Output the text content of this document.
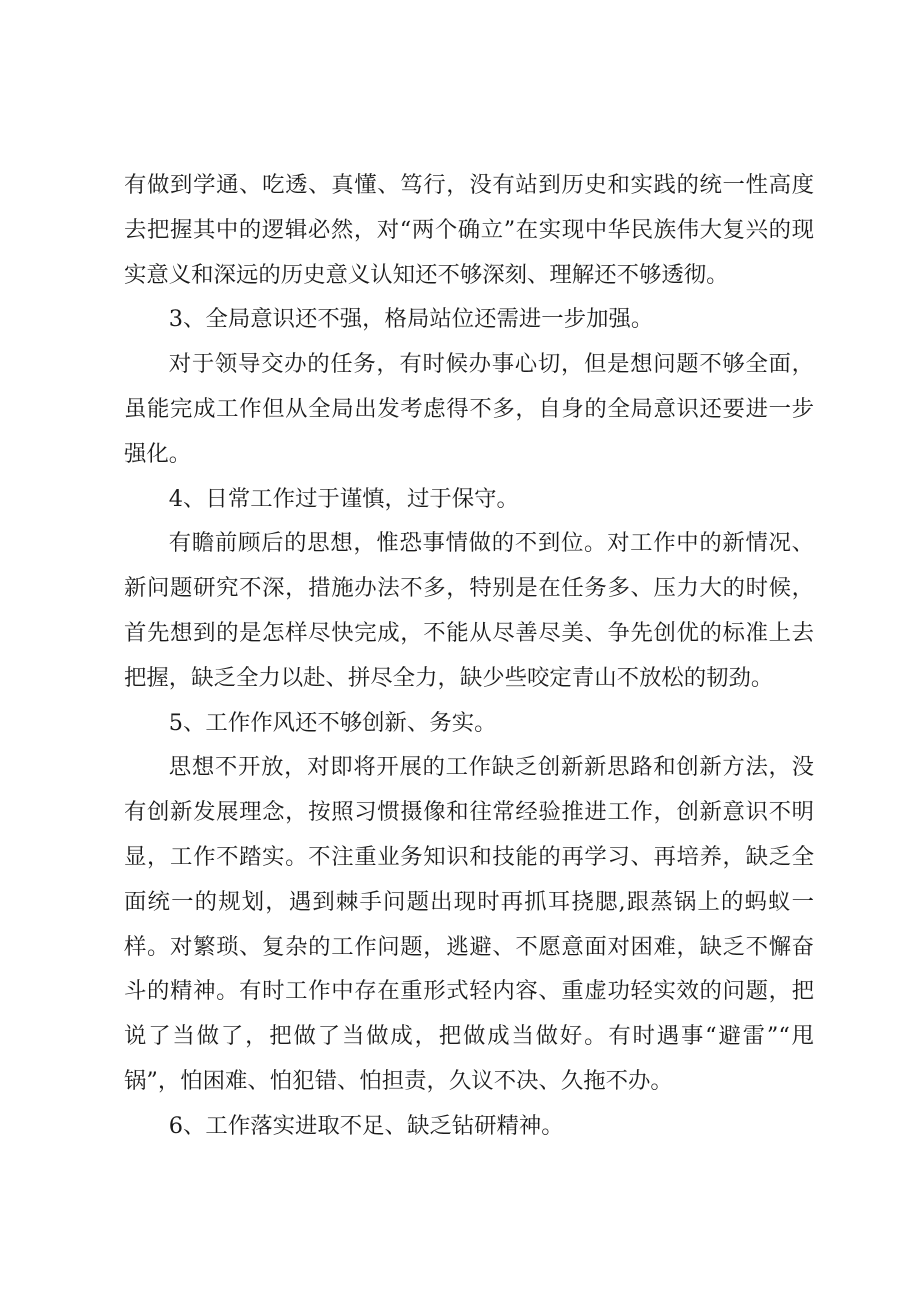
有做到学通、吃透、真懂、笃行，没有站到历史和实践的统一性高度去把握其中的逻辑必然，对“两个确立”在实现中华民族伟大复兴的现实意义和深远的历史意义认知还不够深刻、理解还不够透彻。

3、全局意识还不强，格局站位还需进一步加强。

对于领导交办的任务，有时候办事心切，但是想问题不够全面，虽能完成工作但从全局出发考虑得不多，自身的全局意识还要进一步强化。

4、日常工作过于谨慎，过于保守。

有瞻前顾后的思想，惟恐事情做的不到位。对工作中的新情况、新问题研究不深，措施办法不多，特别是在任务多、压力大的时候，首先想到的是怎样尽快完成，不能从尽善尽美、争先创优的标准上去把握，缺乏全力以赴、拼尽全力，缺少些咬定青山不放松的韧劲。

5、工作作风还不够创新、务实。

思想不开放，对即将开展的工作缺乏创新新思路和创新方法，没有创新发展理念，按照习惯摄像和往常经验推进工作，创新意识不明显，工作不踏实。不注重业务知识和技能的再学习、再培养，缺乏全面统一的规划，遇到棘手问题出现时再抓耳挠腮,跟蒸锅上的蚂蚁一样。对繁琐、复杂的工作问题，逃避、不愿意面对困难，缺乏不懈奋斗的精神。有时工作中存在重形式轻内容、重虚功轻实效的问题，把说了当做了，把做了当做成，把做成当做好。有时遇事“避雷”“甩锅”，怕困难、怕犯错、怕担责，久议不决、久拖不办。

6、工作落实进取不足、缺乏钻研精神。
